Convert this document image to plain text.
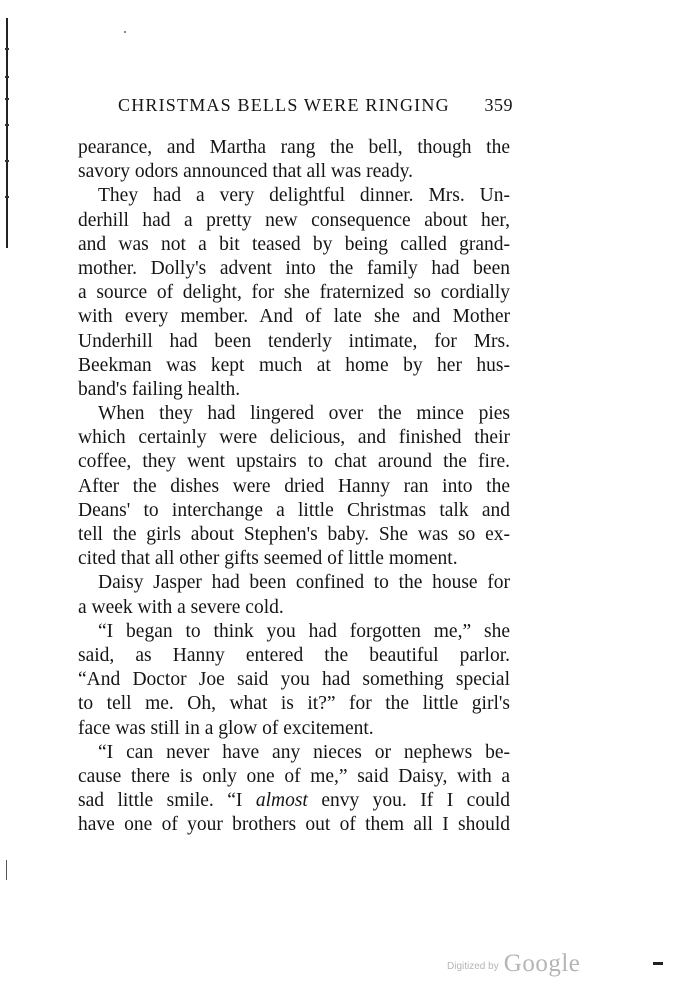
CHRISTMAS BELLS WERE RINGING 359
pearance, and Martha rang the bell, though the
savory odors announced that all was ready.
They had a very delightful dinner. Mrs. Un-
derhill had a pretty new consequence about her,
and was not a bit teased by being called grand-
mother. Dolly's advent into the family had been
a source of delight, for she fraternized so cordially
with every member. And of late she and Mother
Underhill had been tenderly intimate, for Mrs.
Beekman was kept much at home by her hus-
band's failing health.
When they had lingered over the mince pies
which certainly were delicious, and finished their
coffee, they went upstairs to chat around the fire.
After the dishes were dried Hanny ran into the
Deans' to interchange a little Christmas talk and
tell the girls about Stephen's baby. She was so ex-
cited that all other gifts seemed of little moment.
Daisy Jasper had been confined to the house for
a week with a severe cold.
“I began to think you had forgotten me,” she
said, as Hanny entered the beautiful parlor.
“And Doctor Joe said you had something special
to tell me. Oh, what is it?” for the little girl's
face was still in a glow of excitement.
“I can never have any nieces or nephews be-
cause there is only one of me,” said Daisy, with a
sad little smile. “I almost envy you. If I could
have one of your brothers out of them all I should
Digitized by Google
